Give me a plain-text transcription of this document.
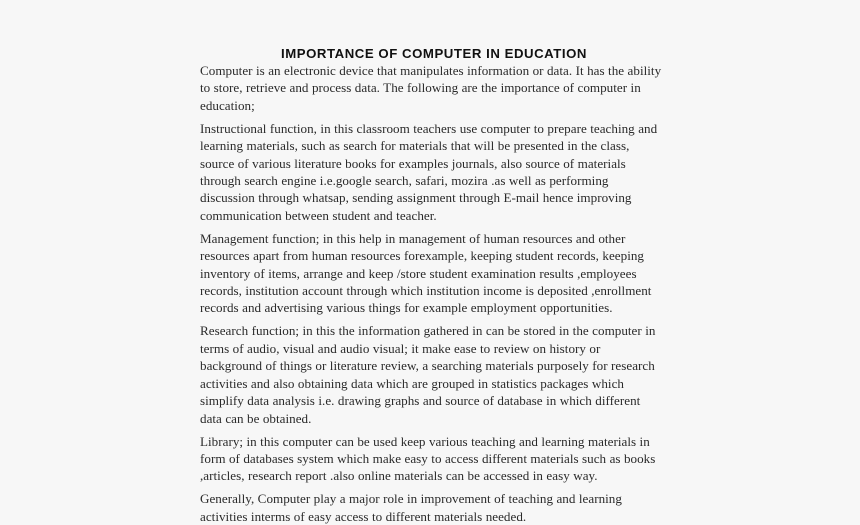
IMPORTANCE OF COMPUTER IN EDUCATION

Computer is an electronic device that manipulates information or data. It has the ability to store, retrieve and process data. The following are the importance of computer in education;

Instructional function, in this classroom teachers use computer to prepare teaching and learning materials, such as search for materials that will be presented in the class, source of various literature books for examples journals, also source of materials through search engine i.e.google search, safari, mozira .as well as performing discussion through whatsap, sending assignment through E-mail hence improving communication between student and teacher.

Management function; in this help in management of human resources and other resources apart from human resources forexample, keeping student records, keeping inventory of items, arrange and keep /store student examination results ,employees records, institution account through which institution income is deposited ,enrollment records and advertising various things for example employment opportunities.

Research function; in this the information gathered in can be stored in the computer in terms of audio, visual and audio visual; it make ease to review on history or background of things or literature review, a searching materials purposely for research activities and also obtaining data which are grouped in statistics packages which simplify data analysis i.e. drawing graphs and source of database in which different data can be obtained.

Library; in this computer can be used keep various teaching and learning materials in form of databases system which make easy to access different materials such as books ,articles, research report .also online materials can be accessed in easy way.

Generally, Computer play a major role in improvement of teaching and learning activities interms of easy access to different materials needed.
